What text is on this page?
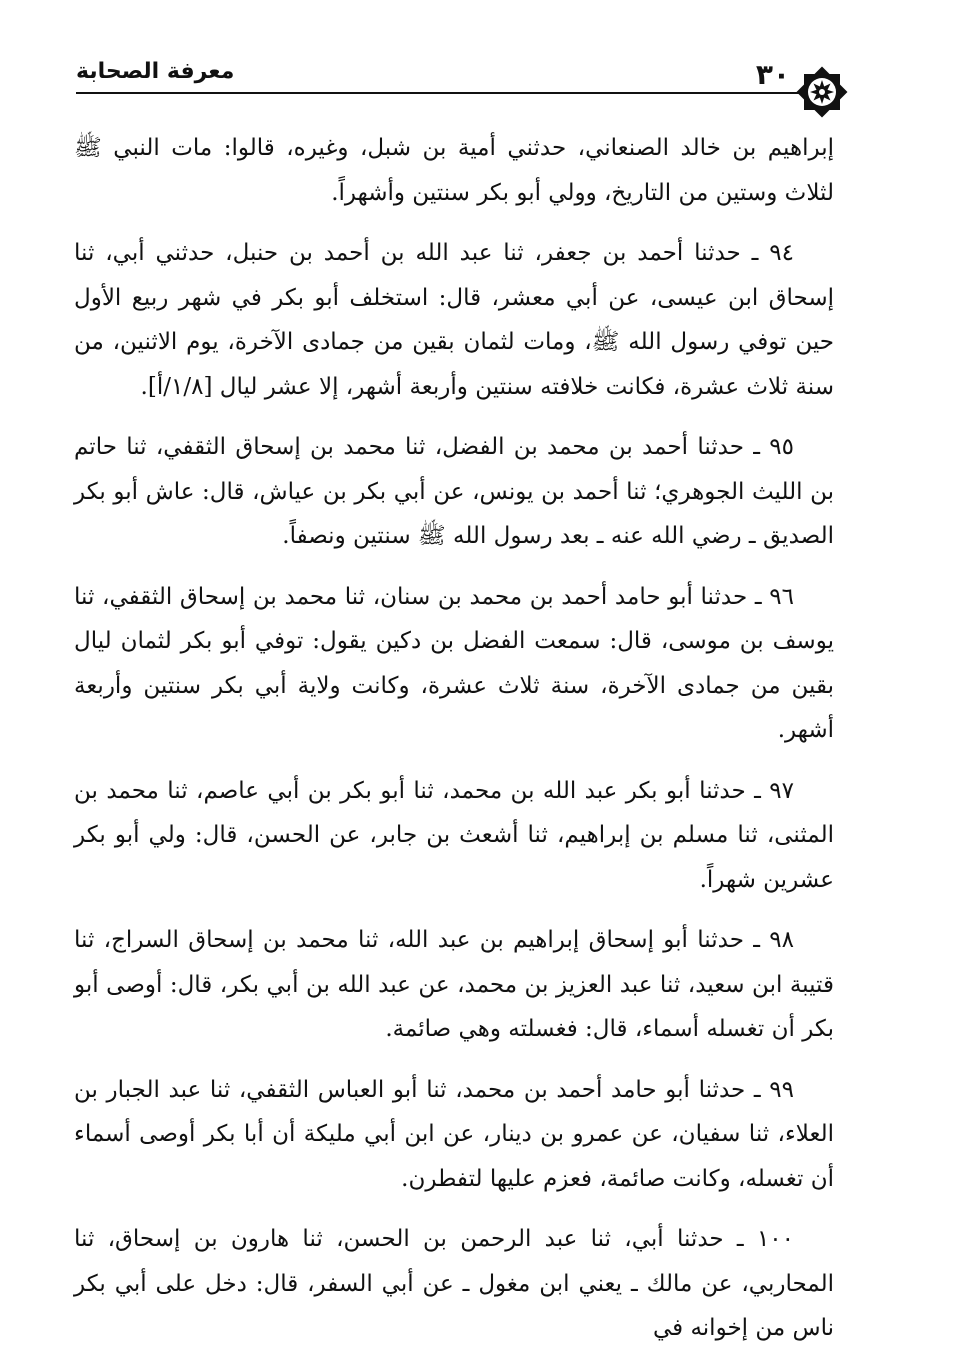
معرفة الصحابة	٣٠

إبراهيم بن خالد الصنعاني، حدثني أمية بن شبل، وغيره، قالوا: مات النبي ﷺ لثلاث وستين من التاريخ، وولي أبو بكر سنتين وأشهراً.

٩٤ ـ حدثنا أحمد بن جعفر، ثنا عبد الله بن أحمد بن حنبل، حدثني أبي، ثنا إسحاق ابن عيسى، عن أبي معشر، قال: استخلف أبو بكر في شهر ربيع الأول حين توفي رسول الله ﷺ، ومات لثمان بقين من جمادى الآخرة، يوم الاثنين، من سنة ثلاث عشرة، فكانت خلافته سنتين وأربعة أشهر، إلا عشر ليال [١/٨/أ].

٩٥ ـ حدثنا أحمد بن محمد بن الفضل، ثنا محمد بن إسحاق الثقفي، ثنا حاتم بن الليث الجوهري؛ ثنا أحمد بن يونس، عن أبي بكر بن عياش، قال: عاش أبو بكر الصديق ـ رضي الله عنه ـ بعد رسول الله ﷺ سنتين ونصفاً.

٩٦ ـ حدثنا أبو حامد أحمد بن محمد بن سنان، ثنا محمد بن إسحاق الثقفي، ثنا يوسف بن موسى، قال: سمعت الفضل بن دكين يقول: توفي أبو بكر لثمان ليال بقين من جمادى الآخرة، سنة ثلاث عشرة، وكانت ولاية أبي بكر سنتين وأربعة أشهر.

٩٧ ـ حدثنا أبو بكر عبد الله بن محمد، ثنا أبو بكر بن أبي عاصم، ثنا محمد بن المثنى، ثنا مسلم بن إبراهيم، ثنا أشعث بن جابر، عن الحسن، قال: ولي أبو بكر عشرين شهراً.

٩٨ ـ حدثنا أبو إسحاق إبراهيم بن عبد الله، ثنا محمد بن إسحاق السراج، ثنا قتيبة ابن سعيد، ثنا عبد العزيز بن محمد، عن عبد الله بن أبي بكر، قال: أوصى أبو بكر أن تغسله أسماء، قال: فغسلته وهي صائمة.

٩٩ ـ حدثنا أبو حامد أحمد بن محمد، ثنا أبو العباس الثقفي، ثنا عبد الجبار بن العلاء، ثنا سفيان، عن عمرو بن دينار، عن ابن أبي مليكة أن أبا بكر أوصى أسماء أن تغسله، وكانت صائمة، فعزم عليها لتفطرن.

١٠٠ ـ حدثنا أبي، ثنا عبد الرحمن بن الحسن، ثنا هارون بن إسحاق، ثنا المحاربي، عن مالك ـ يعني ابن مغول ـ عن أبي السفر، قال: دخل على أبي بكر ناس من إخوانه في
